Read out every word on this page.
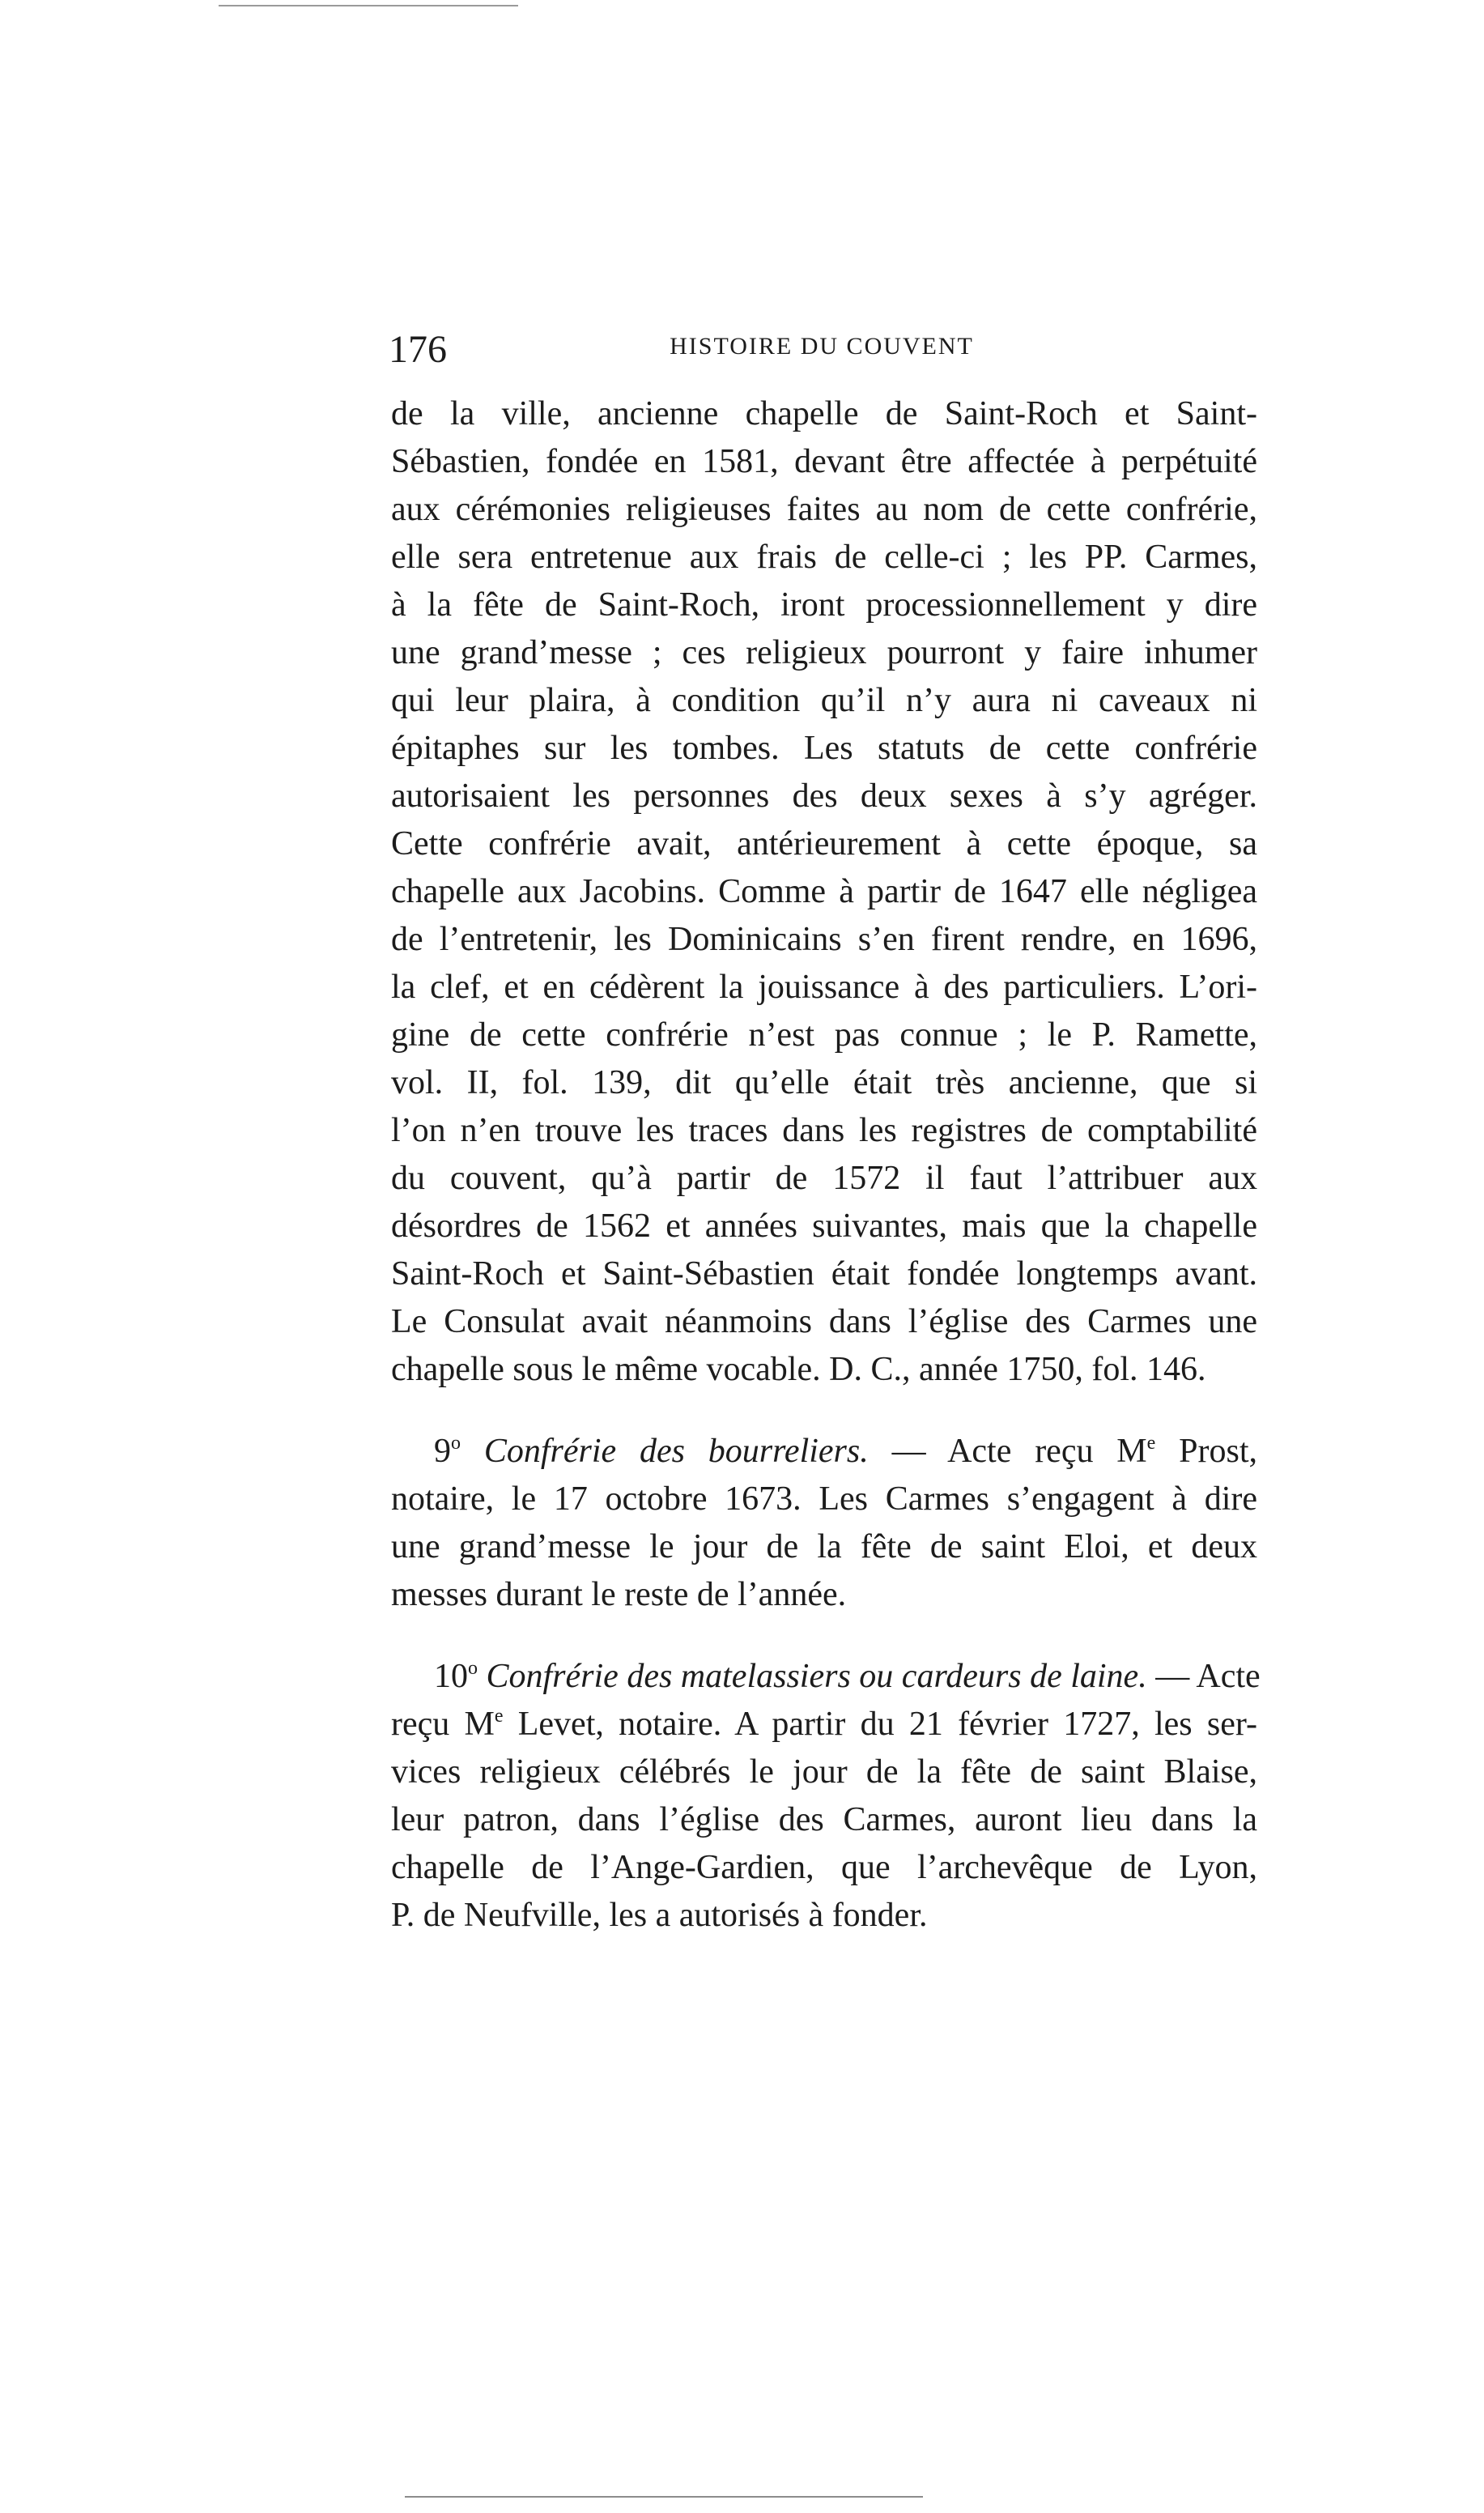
176	HISTOIRE DU COUVENT
de la ville, ancienne chapelle de Saint-Roch et Saint-
Sébastien, fondée en 1581, devant être affectée à perpétuité
aux cérémonies religieuses faites au nom de cette confrérie,
elle sera entretenue aux frais de celle-ci ; les PP. Carmes,
à la fête de Saint-Roch, iront processionnellement y dire
une grand’messe ; ces religieux pourront y faire inhumer
qui leur plaira, à condition qu’il n’y aura ni caveaux ni
épitaphes sur les tombes. Les statuts de cette confrérie
autorisaient les personnes des deux sexes à s’y agréger.
Cette confrérie avait, antérieurement à cette époque, sa
chapelle aux Jacobins. Comme à partir de 1647 elle négligea
de l’entretenir, les Dominicains s’en firent rendre, en 1696,
la clef, et en cédèrent la jouissance à des particuliers. L’ori-
gine de cette confrérie n’est pas connue ; le P. Ramette,
vol. II, fol. 139, dit qu’elle était très ancienne, que si
l’on n’en trouve les traces dans les registres de comptabilité
du couvent, qu’à partir de 1572 il faut l’attribuer aux
désordres de 1562 et années suivantes, mais que la chapelle
Saint-Roch et Saint-Sébastien était fondée longtemps avant.
Le Consulat avait néanmoins dans l’église des Carmes une
chapelle sous le même vocable. D. C., année 1750, fol. 146.
9$^o$ Confrérie des bourreliers. — Acte reçu Me Prost,
notaire, le 17 octobre 1673. Les Carmes s’engagent à dire
une grand’messe le jour de la fête de saint Eloi, et deux
messes durant le reste de l’année.
10$^o$ Confrérie des matelassiers ou cardeurs de laine. — Acte
reçu Me Levet, notaire. A partir du 21 février 1727, les ser-
vices religieux célébrés le jour de la fête de saint Blaise,
leur patron, dans l’église des Carmes, auront lieu dans la
chapelle de l’Ange-Gardien, que l’archevêque de Lyon,
P. de Neufville, les a autorisés à fonder.
